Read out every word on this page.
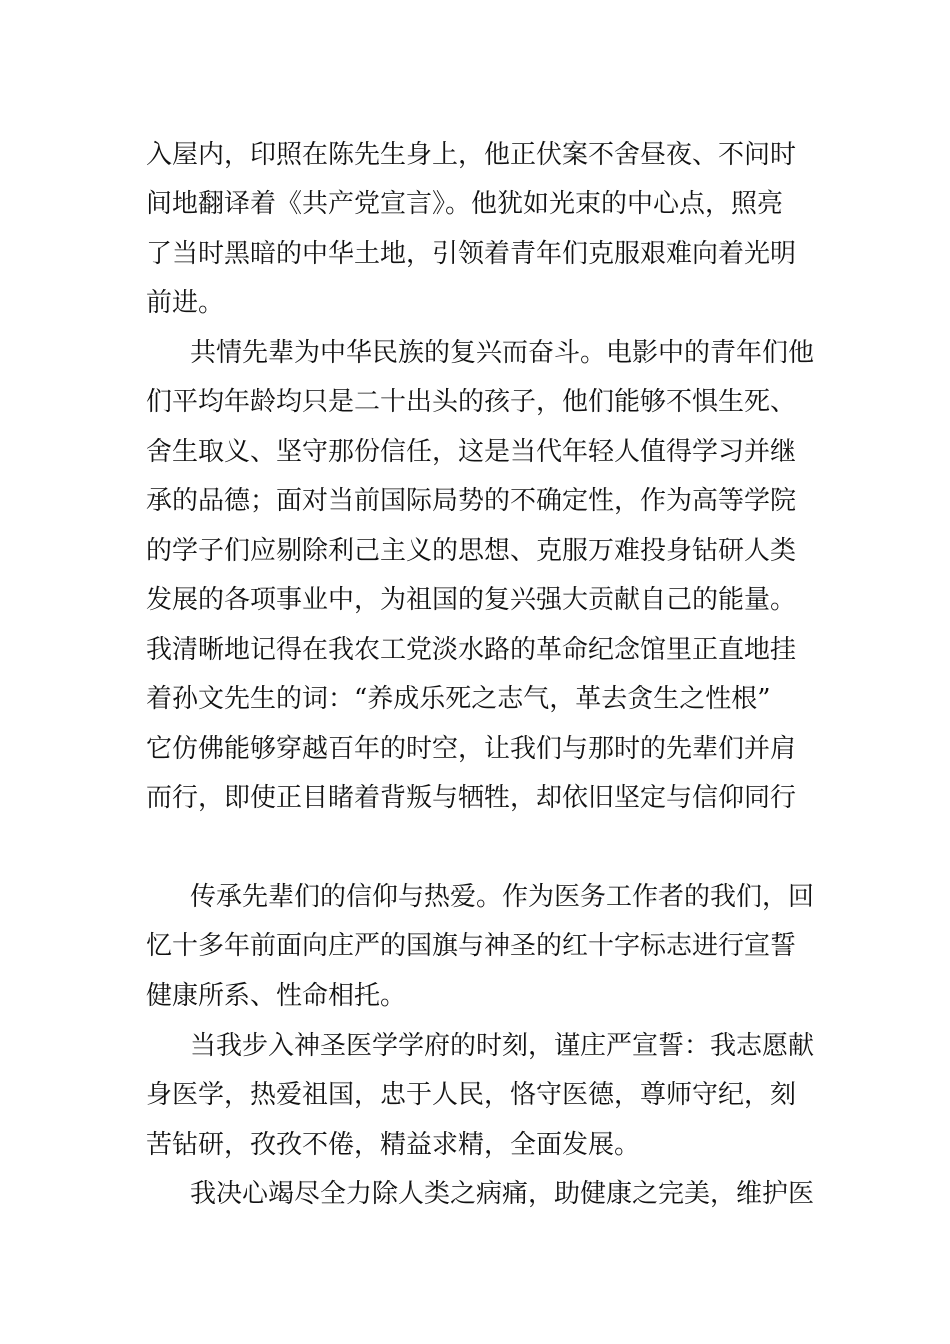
入屋内，印照在陈先生身上，他正伏案不舍昼夜、不问时
间地翻译着《共产党宣言》。他犹如光束的中心点，照亮
了当时黑暗的中华土地，引领着青年们克服艰难向着光明
前进。
共情先辈为中华民族的复兴而奋斗。电影中的青年们他
们平均年龄均只是二十出头的孩子，他们能够不惧生死、
舍生取义、坚守那份信任，这是当代年轻人值得学习并继
承的品德；面对当前国际局势的不确定性，作为高等学院
的学子们应剔除利己主义的思想、克服万难投身钻研人类
发展的各项事业中，为祖国的复兴强大贡献自己的能量。
我清晰地记得在我农工党淡水路的革命纪念馆里正直地挂
着孙文先生的词：“养成乐死之志气，革去贪生之性根”
它仿佛能够穿越百年的时空，让我们与那时的先辈们并肩
而行，即使正目睹着背叛与牺牲，却依旧坚定与信仰同行
传承先辈们的信仰与热爱。作为医务工作者的我们，回
忆十多年前面向庄严的国旗与神圣的红十字标志进行宣誓
健康所系、性命相托。
当我步入神圣医学学府的时刻，谨庄严宣誓：我志愿献
身医学，热爱祖国，忠于人民，恪守医德，尊师守纪，刻
苦钻研，孜孜不倦，精益求精，全面发展。
我决心竭尽全力除人类之病痛，助健康之完美，维护医
